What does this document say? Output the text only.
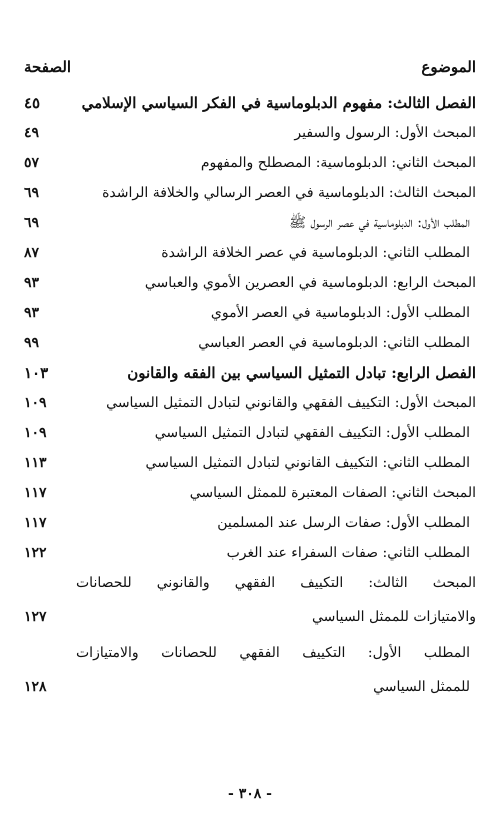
الموضوع
الصفحة
الفصل الثالث: مفهوم الدبلوماسية في الفكر السياسي الإسلامي
٤٥
المبحث الأول: الرسول والسفير
٤٩
المبحث الثاني: الدبلوماسية: المصطلح والمفهوم
٥٧
المبحث الثالث: الدبلوماسية في العصر الرسالي والخلافة الراشدة
٦٩
المطلب الأول: الدبلوماسية في عصر الرسول ﷺ
٦٩
المطلب الثاني: الدبلوماسية في عصر الخلافة الراشدة
٨٧
المبحث الرابع: الدبلوماسية في العصرين الأموي والعباسي
٩٣
المطلب الأول: الدبلوماسية في العصر الأموي
٩٣
المطلب الثاني: الدبلوماسية في العصر العباسي
٩٩
الفصل الرابع: تبادل التمثيل السياسي بين الفقه والقانون
١٠٣
المبحث الأول: التكييف الفقهي والقانوني لتبادل التمثيل السياسي
١٠٩
المطلب الأول: التكييف الفقهي لتبادل التمثيل السياسي
١٠٩
المطلب الثاني: التكييف القانوني لتبادل التمثيل السياسي
١١٣
المبحث الثاني: الصفات المعتبرة للممثل السياسي
١١٧
المطلب الأول: صفات الرسل عند المسلمين
١١٧
المطلب الثاني: صفات السفراء عند الغرب
١٢٢
المبحث الثالث: التكييف الفقهي والقانوني للحصانات
والامتيازات للممثل السياسي
١٢٧
المطلب الأول: التكييف الفقهي للحصانات والامتيازات
للممثل السياسي
١٢٨
- ٣٠٨ -
